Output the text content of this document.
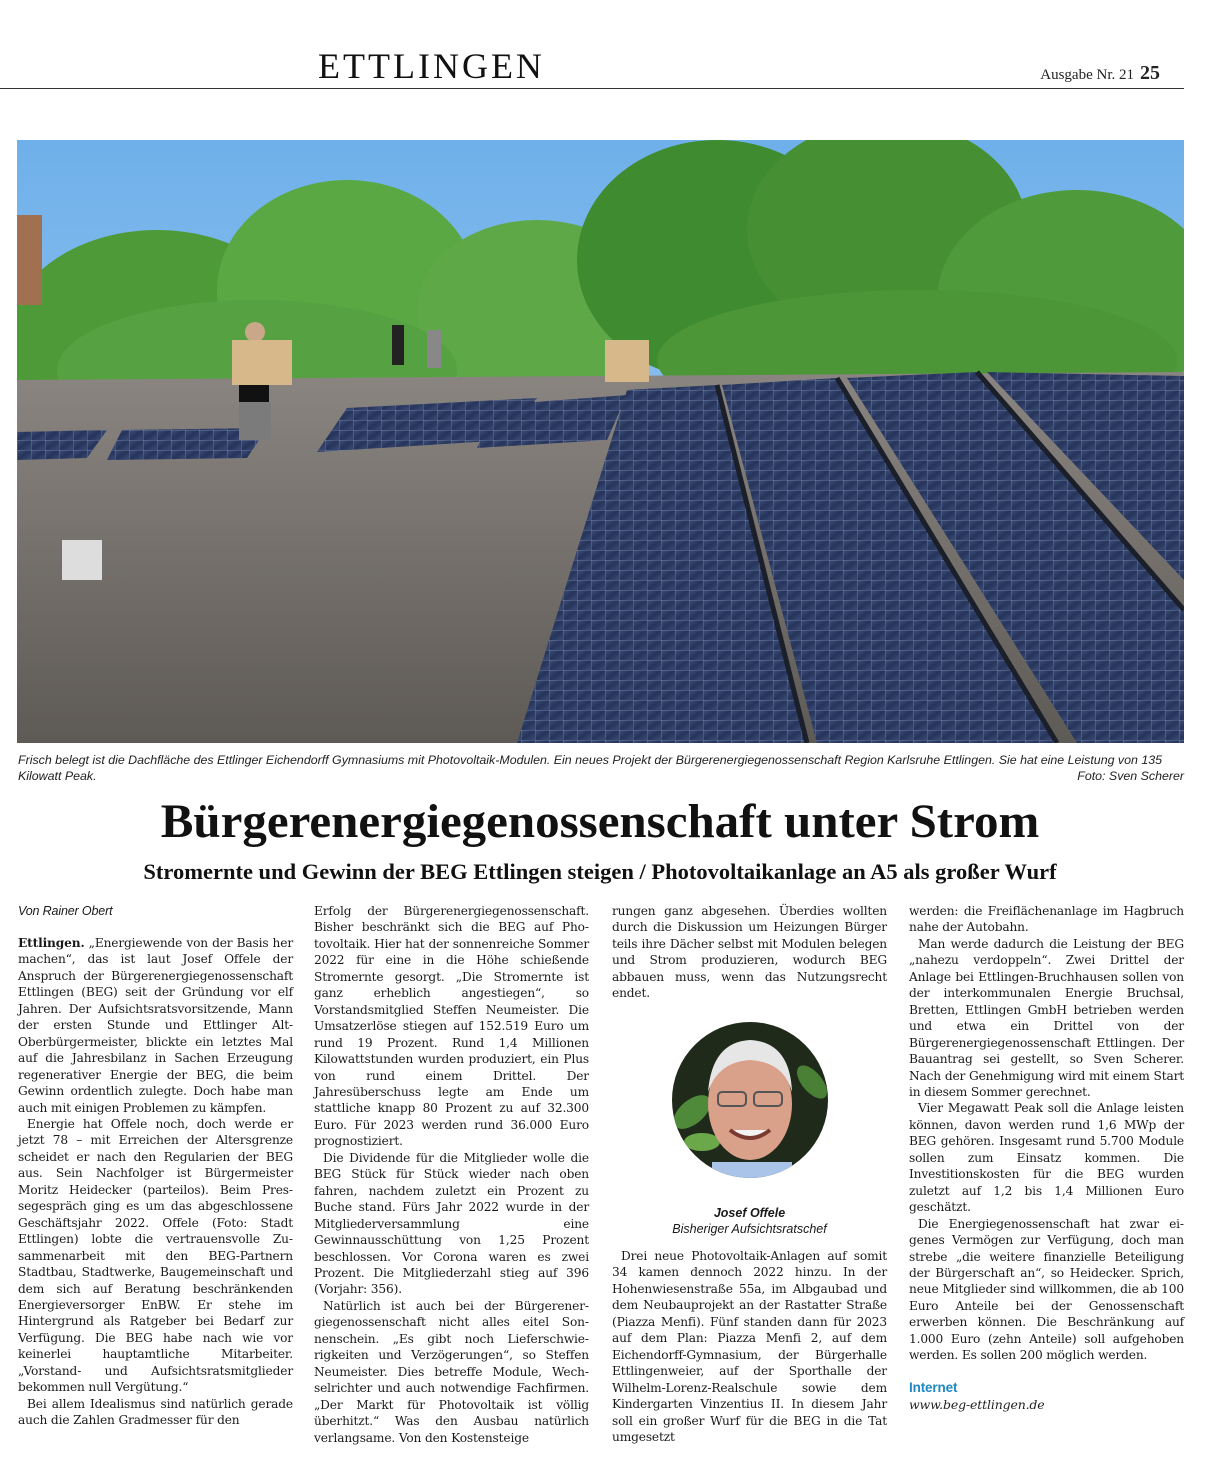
ETTLINGEN	Ausgabe Nr. 21 25
Frisch belegt ist die Dachfläche des Ettlinger Eichendorff Gymnasiums mit Photovoltaik-Modulen. Ein neues Projekt der Bürgerenergiegenossenschaft Region Karlsruhe Ettlingen. Sie hat eine Leistung von 135 Kilowatt Peak.	Foto: Sven Scherer
Bürgerenergiegenossenschaft unter Strom
Stromernte und Gewinn der BEG Ettlingen steigen / Photovoltaikanlage an A5 als großer Wurf
Von Rainer Obert

Ettlingen. „Energiewende von der Basis her machen“, das ist laut Josef Offele der Anspruch der Bürgerenergiegenossenschaft Ettlingen (BEG) seit der Gründung vor elf Jahren. Der Aufsichtsratsvorsitzende, Mann der ersten Stunde und Ettlinger Alt-Oberbürgermeister, blickte ein letztes Mal auf die Jahresbilanz in Sachen Erzeugung regenerativer Energie der BEG, die beim Gewinn ordentlich zulegte. Doch habe man auch mit einigen Problemen zu kämpfen.

Energie hat Offele noch, doch werde er jetzt 78 – mit Erreichen der Altersgrenze scheidet er nach den Regularien der BEG aus. Sein Nachfolger ist Bürgermeister Moritz Heidecker (parteilos). Beim Pressegespräch ging es um das abgeschlossene Geschäftsjahr 2022. Offele (Foto: Stadt Ettlingen) lobte die vertrauensvolle Zusammenarbeit mit den BEG-Partnern Stadtbau, Stadtwerke, Baugemeinschaft und dem sich auf Beratung beschränkenden Energieversorger EnBW. Er stehe im Hintergrund als Ratgeber bei Bedarf zur Verfügung. Die BEG habe nach wie vor keinerlei hauptamtliche Mitarbeiter. „Vorstand- und Aufsichtsratsmitglieder bekommen null Vergütung.“

Bei allem Idealismus sind natürlich gerade auch die Zahlen Gradmesser für den

Erfolg der Bürgerenergiegenossenschaft. Bisher beschränkt sich die BEG auf Photovoltaik. Hier hat der sonnenreiche Sommer 2022 für eine in die Höhe schießende Stromernte gesorgt. „Die Stromernte ist ganz erheblich angestiegen“, so Vorstandsmitglied Steffen Neumeister. Die Umsatzerlöse stiegen auf 152.519 Euro um rund 19 Prozent. Rund 1,4 Millionen Kilowattstunden wurden produziert, ein Plus von rund einem Drittel. Der Jahresüberschuss legte am Ende um stattliche knapp 80 Prozent zu auf 32.300 Euro. Für 2023 werden rund 36.000 Euro prognostiziert.

Die Dividende für die Mitglieder wolle die BEG Stück für Stück wieder nach oben fahren, nachdem zuletzt ein Prozent zu Buche stand. Fürs Jahr 2022 wurde in der Mitgliederversammlung eine Gewinnausschüttung von 1,25 Prozent beschlossen. Vor Corona waren es zwei Prozent. Die Mitgliederzahl stieg auf 396 (Vorjahr: 356).

Natürlich ist auch bei der Bürgerenergiegenossenschaft nicht alles eitel Sonnenschein. „Es gibt noch Lieferschwierigkeiten und Verzögerungen“, so Steffen Neumeister. Dies betreffe Module, Wechselrichter und auch notwendige Fachfirmen. „Der Markt für Photovoltaik ist völlig überhitzt.“ Was den Ausbau natürlich verlangsame. Von den Kostensteige

rungen ganz abgesehen. Überdies wollten durch die Diskussion um Heizungen Bürger teils ihre Dächer selbst mit Modulen belegen und Strom produzieren, wodurch BEG abbauen muss, wenn das Nutzungsrecht endet.

Josef Offele
Bisheriger Aufsichtsratschef

Drei neue Photovoltaik-Anlagen auf somit 34 kamen dennoch 2022 hinzu. In der Hohenwiesenstraße 55a, im Albgaubad und dem Neubauprojekt an der Rastatter Straße (Piazza Menfi). Fünf standen dann für 2023 auf dem Plan: Piazza Menfi 2, auf dem Eichendorff-Gymnasium, der Bürgerhalle Ettlingenweier, auf der Sporthalle der Wilhelm-Lorenz-Realschule sowie dem Kindergarten Vinzentius II. In diesem Jahr soll ein großer Wurf für die BEG in die Tat umgesetzt

werden: die Freiflächenanlage im Hagbruch nahe der Autobahn.

Man werde dadurch die Leistung der BEG „nahezu verdoppeln“. Zwei Drittel der Anlage bei Ettlingen-Bruchhausen sollen von der interkommunalen Energie Bruchsal, Bretten, Ettlingen GmbH betrieben werden und etwa ein Drittel von der Bürgerenergiegenossenschaft Ettlingen. Der Bauantrag sei gestellt, so Sven Scherer. Nach der Genehmigung wird mit einem Start in diesem Sommer gerechnet.

Vier Megawatt Peak soll die Anlage leisten können, davon werden rund 1,6 MWp der BEG gehören. Insgesamt rund 5.700 Module sollen zum Einsatz kommen. Die Investitionskosten für die BEG wurden zuletzt auf 1,2 bis 1,4 Millionen Euro geschätzt.

Die Energiegenossenschaft hat zwar eigenes Vermögen zur Verfügung, doch man strebe „die weitere finanzielle Beteiligung der Bürgerschaft an“, so Heidecker. Sprich, neue Mitglieder sind willkommen, die ab 100 Euro Anteile bei der Genossenschaft erwerben können. Die Beschränkung auf 1.000 Euro (zehn Anteile) soll aufgehoben werden. Es sollen 200 möglich werden.

Internet
www.beg-ettlingen.de
